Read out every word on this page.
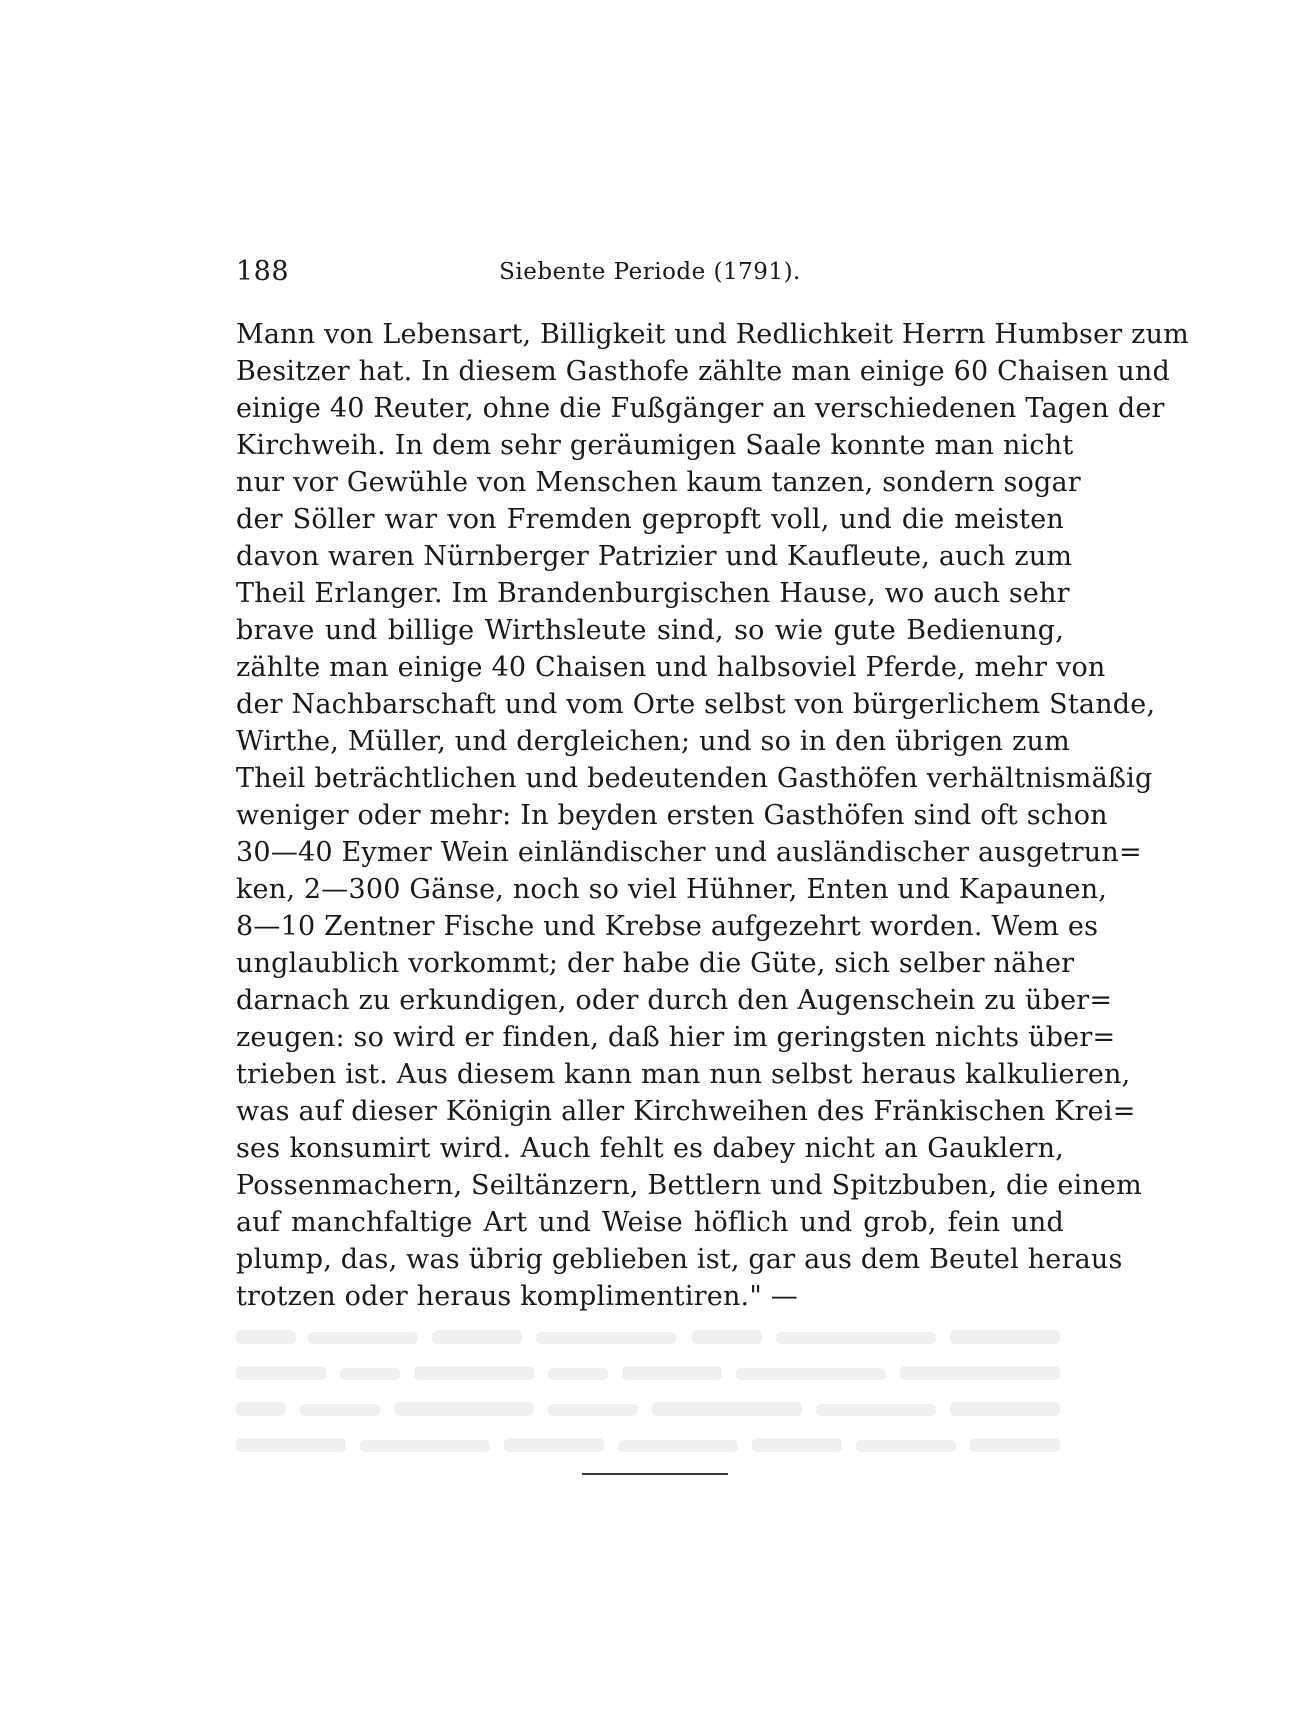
188	Siebente Periode (1791).
Mann von Lebensart, Billigkeit und Redlichkeit Herrn Humbser zum
Besitzer hat. In diesem Gasthofe zählte man einige 60 Chaisen und
einige 40 Reuter, ohne die Fußgänger an verschiedenen Tagen der
Kirchweih. In dem sehr geräumigen Saale konnte man nicht
nur vor Gewühle von Menschen kaum tanzen, sondern sogar
der Söller war von Fremden gepropft voll, und die meisten
davon waren Nürnberger Patrizier und Kaufleute, auch zum
Theil Erlanger. Im Brandenburgischen Hause, wo auch sehr
brave und billige Wirthsleute sind, so wie gute Bedienung,
zählte man einige 40 Chaisen und halbsoviel Pferde, mehr von
der Nachbarschaft und vom Orte selbst von bürgerlichem Stande,
Wirthe, Müller, und dergleichen; und so in den übrigen zum
Theil beträchtlichen und bedeutenden Gasthöfen verhältnismäßig
weniger oder mehr: In beyden ersten Gasthöfen sind oft schon
30—40 Eymer Wein einländischer und ausländischer ausgetrun=
ken, 2—300 Gänse, noch so viel Hühner, Enten und Kapaunen,
8—10 Zentner Fische und Krebse aufgezehrt worden. Wem es
unglaublich vorkommt; der habe die Güte, sich selber näher
darnach zu erkundigen, oder durch den Augenschein zu über=
zeugen: so wird er finden, daß hier im geringsten nichts über=
trieben ist. Aus diesem kann man nun selbst heraus kalkulieren,
was auf dieser Königin aller Kirchweihen des Fränkischen Krei=
ses konsumirt wird. Auch fehlt es dabey nicht an Gauklern,
Possenmachern, Seiltänzern, Bettlern und Spitzbuben, die einem
auf manchfaltige Art und Weise höflich und grob, fein und
plump, das, was übrig geblieben ist, gar aus dem Beutel heraus
trotzen oder heraus komplimentiren." —
